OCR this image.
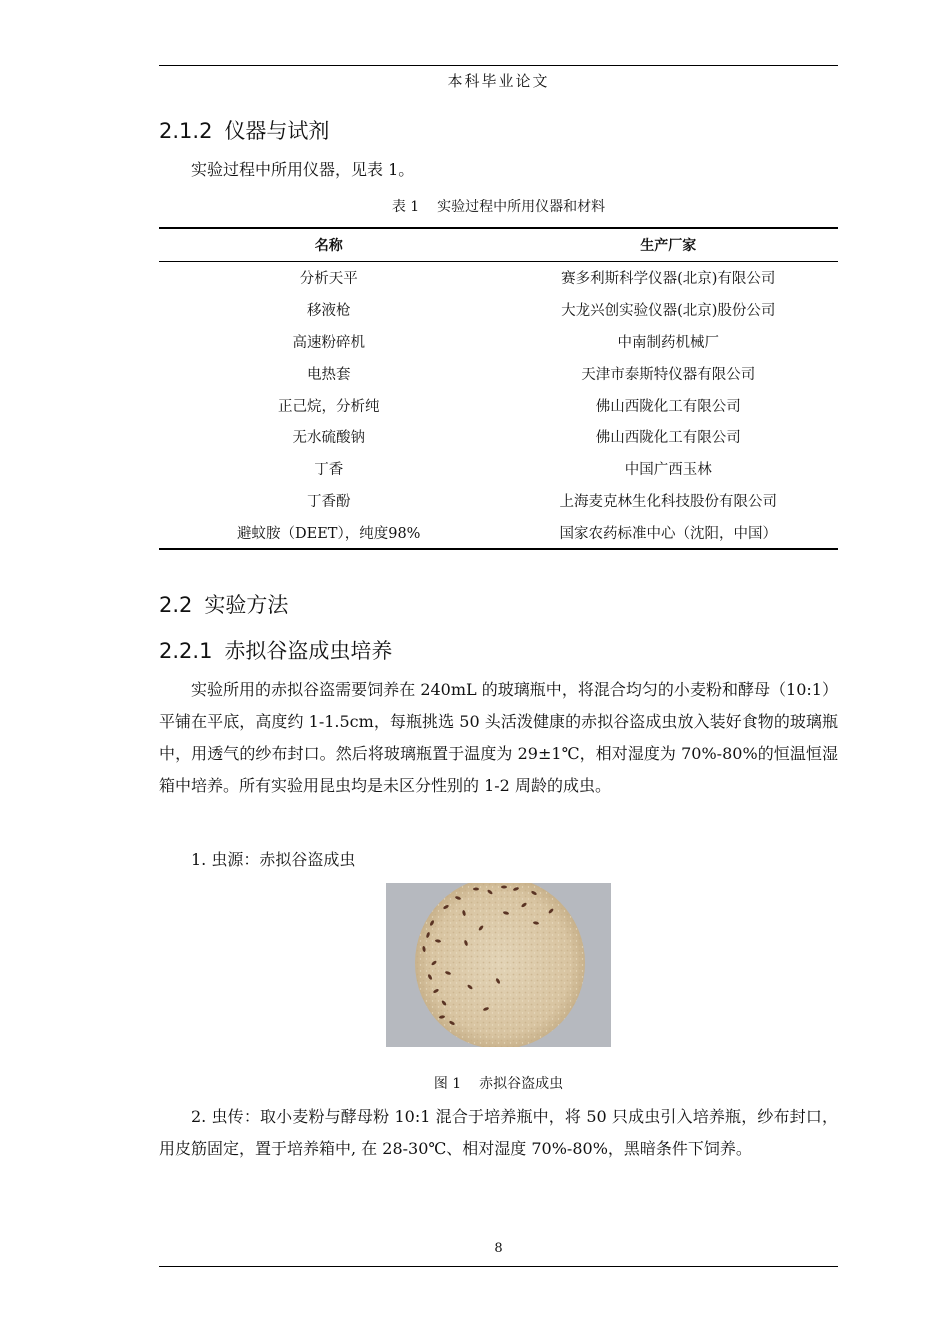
本科毕业论文
2.1.2 仪器与试剂
实验过程中所用仪器，见表 1。
表 1 实验过程中所用仪器和材料
名称	生产厂家
分析天平	赛多利斯科学仪器(北京)有限公司
移液枪	大龙兴创实验仪器(北京)股份公司
高速粉碎机	中南制药机械厂
电热套	天津市泰斯特仪器有限公司
正己烷，分析纯	佛山西陇化工有限公司
无水硫酸钠	佛山西陇化工有限公司
丁香	中国广西玉林
丁香酚	上海麦克林生化科技股份有限公司
避蚊胺（DEET），纯度98%	国家农药标准中心（沈阳，中国）
2.2 实验方法
2.2.1 赤拟谷盗成虫培养
实验所用的赤拟谷盗需要饲养在 240mL 的玻璃瓶中，将混合均匀的小麦粉和酵母（10:1）平铺在平底，高度约 1-1.5cm，每瓶挑选 50 头活泼健康的赤拟谷盗成虫放入装好食物的玻璃瓶中，用透气的纱布封口。然后将玻璃瓶置于温度为 29±1℃，相对湿度为 70%-80%的恒温恒湿箱中培养。所有实验用昆虫均是未区分性别的 1-2 周龄的成虫。
1. 虫源：赤拟谷盗成虫
图 1 赤拟谷盗成虫
2. 虫传：取小麦粉与酵母粉 10:1 混合于培养瓶中，将 50 只成虫引入培养瓶，纱布封口，用皮筋固定，置于培养箱中, 在 28-30℃、相对湿度 70%-80%，黑暗条件下饲养。
8
